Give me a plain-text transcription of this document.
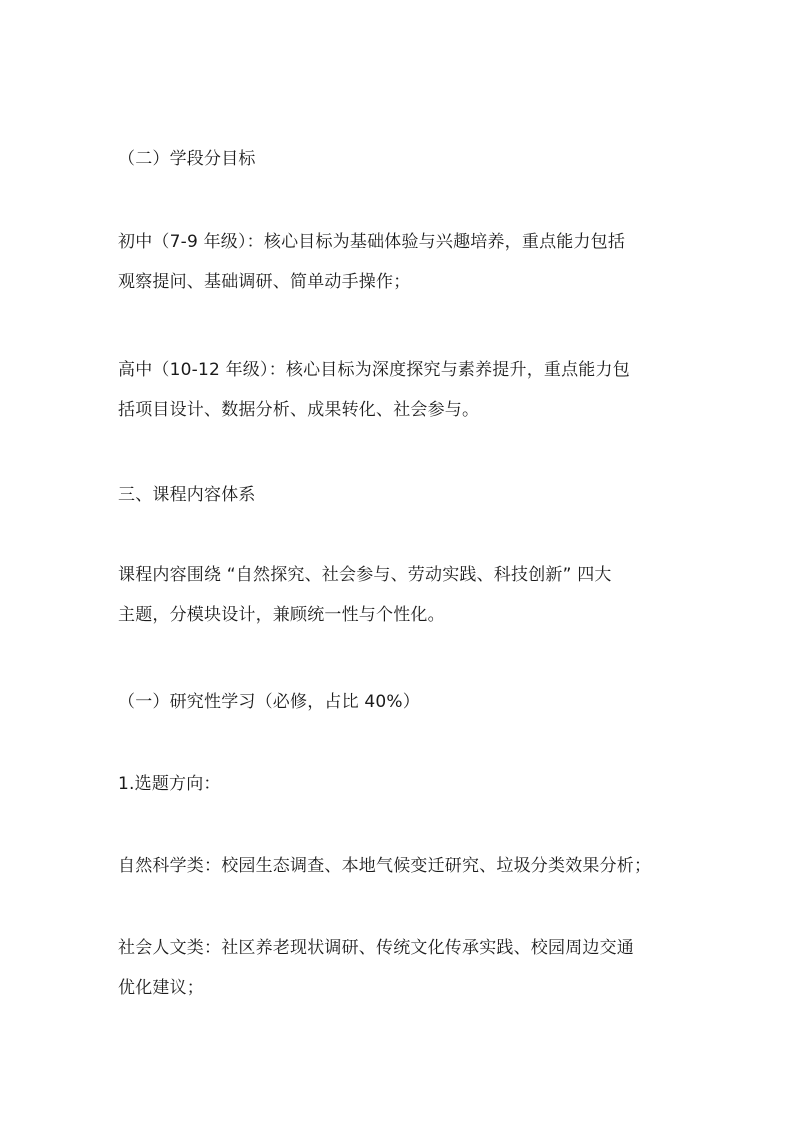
（二）学段分目标
初中（7-9 年级）：核心目标为基础体验与兴趣培养，重点能力包括
观察提问、基础调研、简单动手操作；
高中（10-12 年级）：核心目标为深度探究与素养提升，重点能力包
括项目设计、数据分析、成果转化、社会参与。
三、课程内容体系
课程内容围绕 “自然探究、社会参与、劳动实践、科技创新” 四大
主题，分模块设计，兼顾统一性与个性化。
（一）研究性学习（必修，占比 40%）
1.选题方向：
自然科学类：校园生态调查、本地气候变迁研究、垃圾分类效果分析；
社会人文类：社区养老现状调研、传统文化传承实践、校园周边交通
优化建议；
